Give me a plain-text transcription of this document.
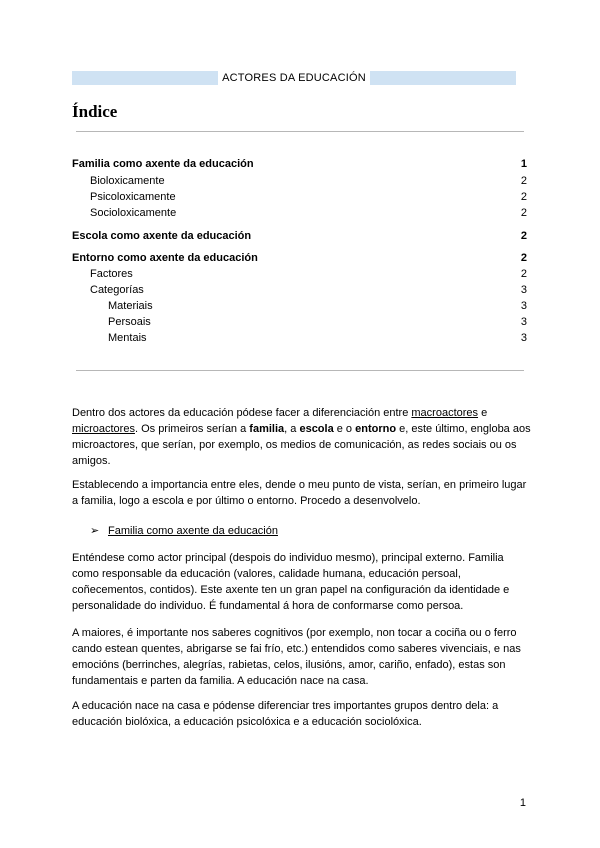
ACTORES DA EDUCACIÓN
Índice
Familia como axente da educación	1
Bioloxicamente	2
Psicoloxicamente	2
Socioloxicamente	2
Escola como axente da educación	2
Entorno como axente da educación	2
Factores	2
Categorías	3
Materiais	3
Persoais	3
Mentais	3

Dentro dos actores da educación pódese facer a diferenciación entre macroactores e microactores. Os primeiros serían a familia, a escola e o entorno e, este último, engloba aos microactores, que serían, por exemplo, os medios de comunicación, as redes sociais ou os amigos.

Establecendo a importancia entre eles, dende o meu punto de vista, serían, en primeiro lugar a familia, logo a escola e por último o entorno. Procedo a desenvolvelo.

➢ Familia como axente da educación

Enténdese como actor principal (despois do individuo mesmo), principal externo. Familia como responsable da educación (valores, calidade humana, educación persoal, coñecementos, contidos). Este axente ten un gran papel na configuración da identidade e personalidade do individuo. É fundamental á hora de conformarse como persoa.

A maiores, é importante nos saberes cognitivos (por exemplo, non tocar a cociña ou o ferro cando estean quentes, abrigarse se fai frío, etc.) entendidos como saberes vivenciais, e nas emocións (berrinches, alegrías, rabietas, celos, ilusións, amor, cariño, enfado), estas son fundamentais e parten da familia. A educación nace na casa.

A educación nace na casa e pódense diferenciar tres importantes grupos dentro dela: a educación biolóxica, a educación psicolóxica e a educación sociolóxica.

1
